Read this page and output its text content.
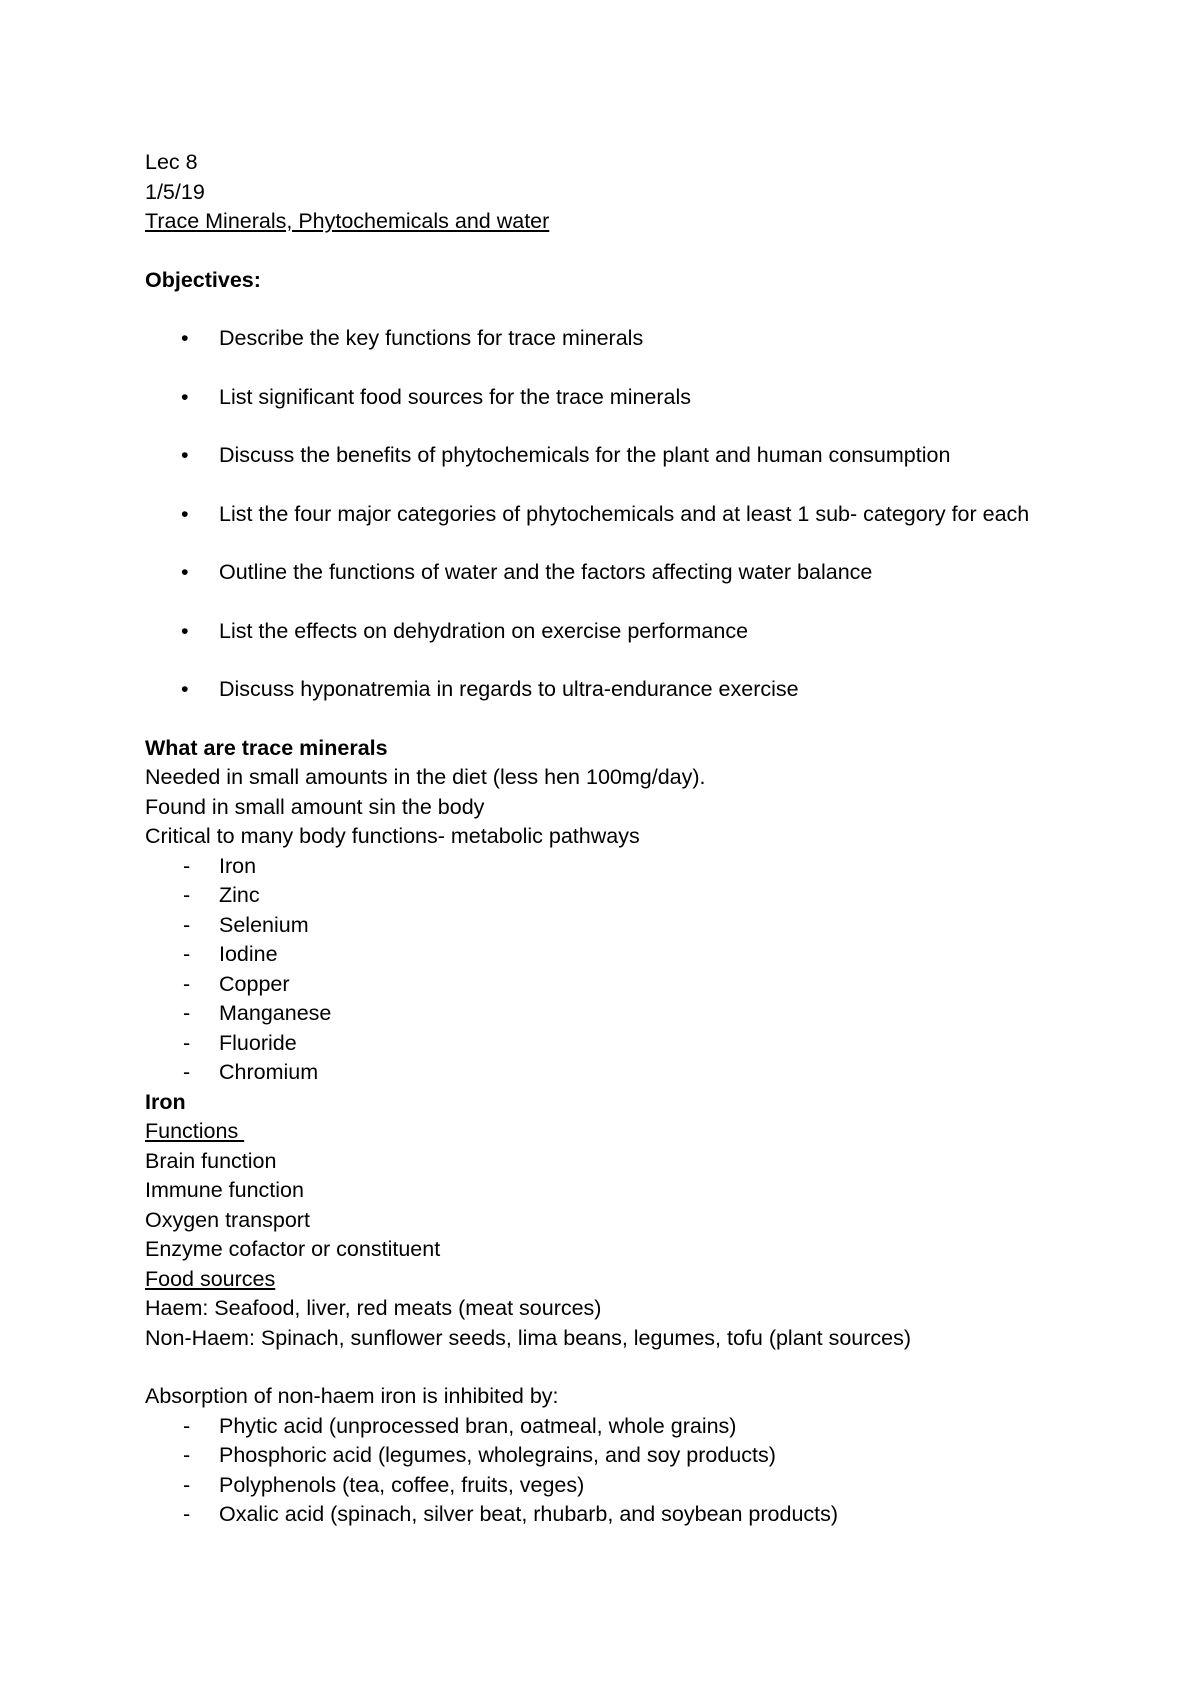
Lec 8
1/5/19
Trace Minerals, Phytochemicals and water
Objectives:
• Describe the key functions for trace minerals
• List significant food sources for the trace minerals
• Discuss the benefits of phytochemicals for the plant and human consumption
• List the four major categories of phytochemicals and at least 1 sub- category for each
• Outline the functions of water and the factors affecting water balance
• List the effects on dehydration on exercise performance
• Discuss hyponatremia in regards to ultra-endurance exercise
What are trace minerals
Needed in small amounts in the diet (less hen 100mg/day).
Found in small amount sin the body
Critical to many body functions- metabolic pathways
- Iron
- Zinc
- Selenium
- Iodine
- Copper
- Manganese
- Fluoride
- Chromium
Iron
Functions
Brain function
Immune function
Oxygen transport
Enzyme cofactor or constituent
Food sources
Haem: Seafood, liver, red meats (meat sources)
Non-Haem: Spinach, sunflower seeds, lima beans, legumes, tofu (plant sources)
Absorption of non-haem iron is inhibited by:
- Phytic acid (unprocessed bran, oatmeal, whole grains)
- Phosphoric acid (legumes, wholegrains, and soy products)
- Polyphenols (tea, coffee, fruits, veges)
- Oxalic acid (spinach, silver beat, rhubarb, and soybean products)
